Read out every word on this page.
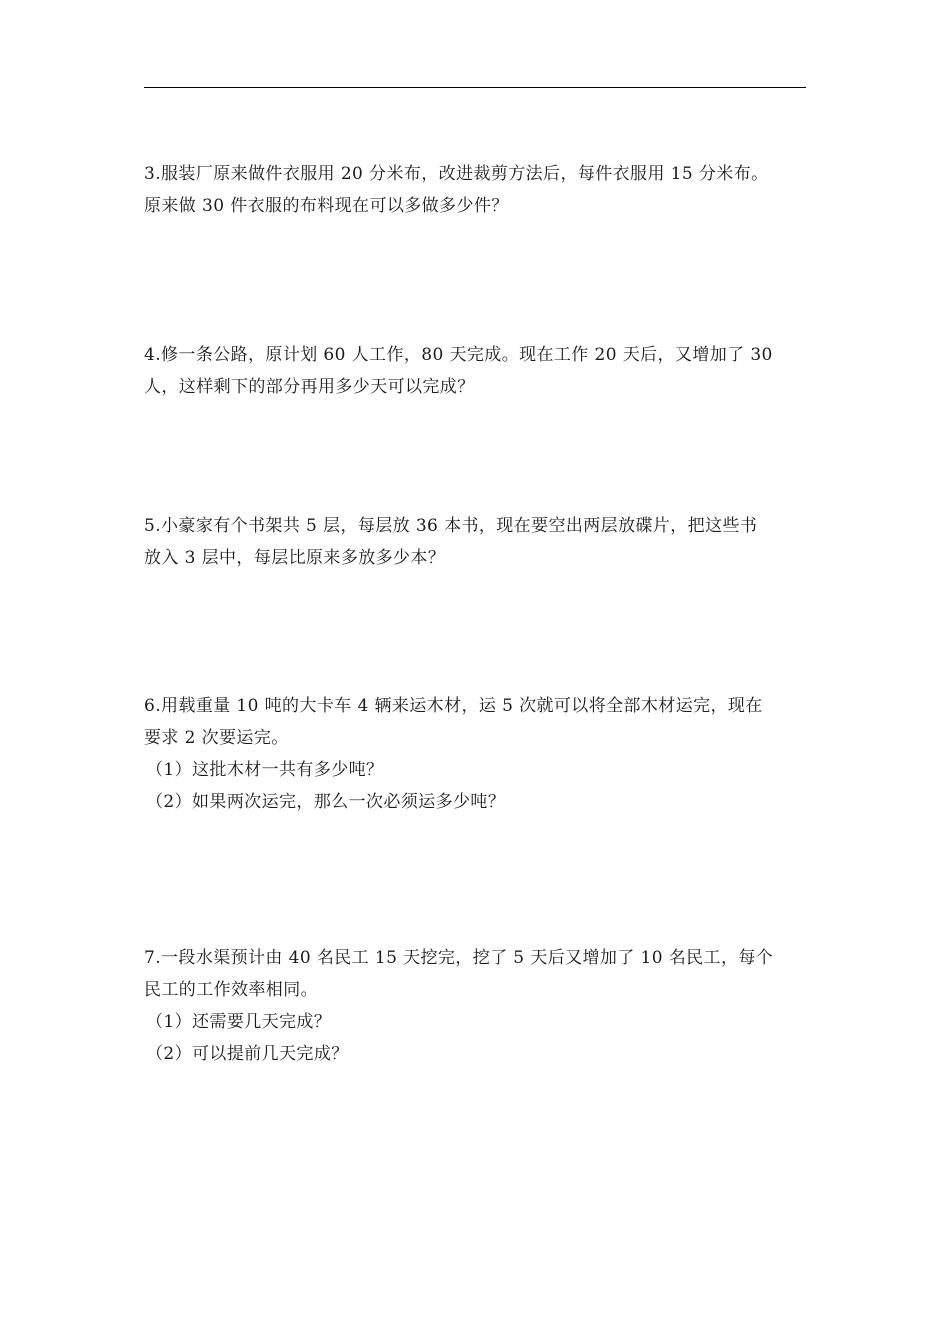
3.服装厂原来做件衣服用 20 分米布，改进裁剪方法后，每件衣服用 15 分米布。
原来做 30 件衣服的布料现在可以多做多少件？
4.修一条公路，原计划 60 人工作，80 天完成。现在工作 20 天后，又增加了 30
人，这样剩下的部分再用多少天可以完成？
5.小豪家有个书架共 5 层，每层放 36 本书，现在要空出两层放碟片，把这些书
放入 3 层中，每层比原来多放多少本？
6.用载重量 10 吨的大卡车 4 辆来运木材，运 5 次就可以将全部木材运完，现在
要求 2 次要运完。
（1）这批木材一共有多少吨？
（2）如果两次运完，那么一次必须运多少吨？
7.一段水渠预计由 40 名民工 15 天挖完，挖了 5 天后又增加了 10 名民工，每个
民工的工作效率相同。
（1）还需要几天完成？
（2）可以提前几天完成？
